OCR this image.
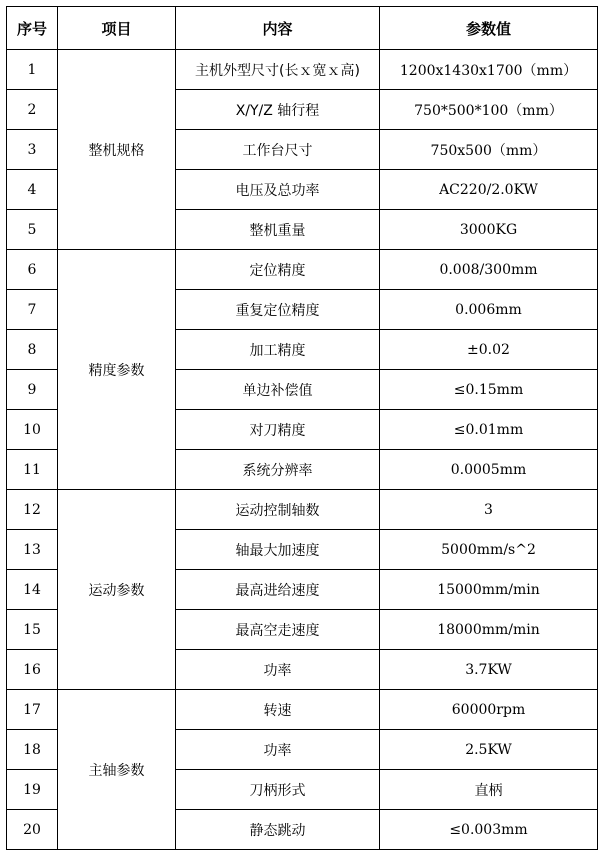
序号	项目	内容	参数值
1	整机规格	主机外型尺寸(长ｘ宽ｘ高)	1200x1430x1700（mm）
2		X/Y/Z 轴行程	750*500*100（mm）
3		工作台尺寸	750x500（mm）
4		电压及总功率	AC220/2.0KW
5		整机重量	3000KG
6	精度参数	定位精度	0.008/300mm
7		重复定位精度	0.006mm
8		加工精度	±0.02
9		单边补偿值	≤0.15mm
10		对刀精度	≤0.01mm
11		系统分辨率	0.0005mm
12	运动参数	运动控制轴数	3
13		轴最大加速度	5000mm/s^2
14		最高进给速度	15000mm/min
15		最高空走速度	18000mm/min
16		功率	3.7KW
17	主轴参数	转速	60000rpm
18		功率	2.5KW
19		刀柄形式	直柄
20		静态跳动	≤0.003mm
